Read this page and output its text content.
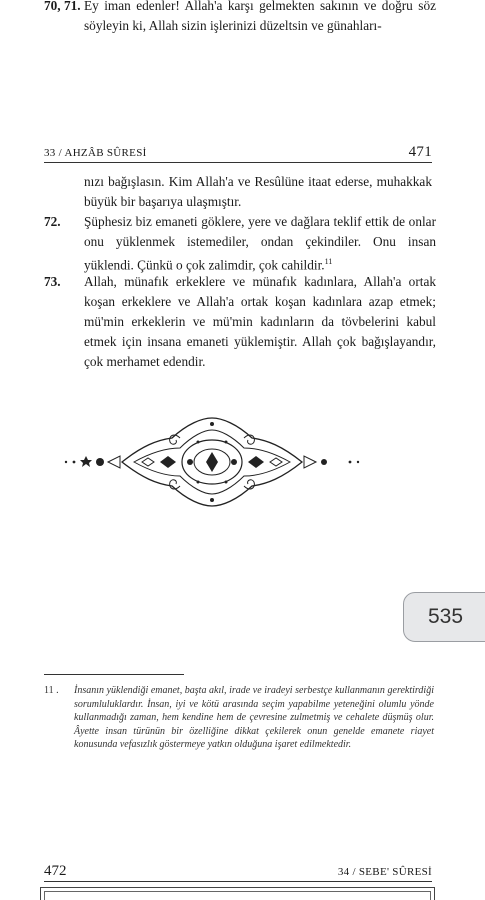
70, 71. Ey iman edenler! Allah'a karşı gelmekten sakının ve doğru söz söyleyin ki, Allah sizin işlerinizi düzeltsin ve günahları-
33 / AHZÂB SÛRESİ	471
nızı bağışlasın. Kim Allah'a ve Resûlüne itaat ederse, muhakkak büyük bir başarıya ulaşmıştır.
72. Şüphesiz biz emaneti göklere, yere ve dağlara teklif ettik de onlar onu yüklenmek istemediler, ondan çekindiler. Onu insan yüklendi. Çünkü o çok zalimdir, çok cahildir.$^{11}$
73. Allah, münafık erkeklere ve münafık kadınlara, Allah'a ortak koşan erkeklere ve Allah'a ortak koşan kadınlara azap etmek; mü'min erkeklerin ve mü'min kadınların da tövbelerini kabul etmek için insana emaneti yüklemiştir. Allah çok bağışlayandır, çok merhamet edendir.
535
11 . İnsanın yüklendiği emanet, başta akıl, irade ve iradeyi serbestçe kullanmanın gerektirdiği sorumluluklardır. İnsan, iyi ve kötü arasında seçim yapabilme yeteneğini olumlu yönde kullanmadığı zaman, hem kendine hem de çevresine zulmetmiş ve cehalete düşmüş olur. Âyette insan türünün bir özelliğine dikkat çekilerek onun genelde emanete riayet konusunda vefasızlık göstermeye yatkın olduğuna işaret edilmektedir.
472	34 / SEBE' SÛRESİ
